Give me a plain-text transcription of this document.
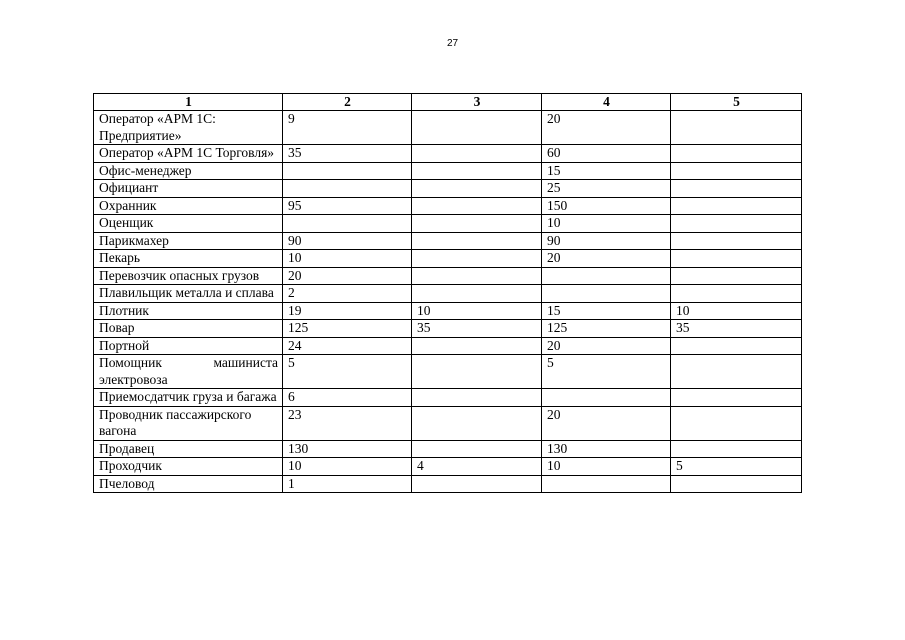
27
1	2	3	4	5
Оператор «АРМ 1С: Предприятие»	9		20	
Оператор «АРМ 1С Торговля»	35		60	
Офис-менеджер			15	
Официант			25	
Охранник	95		150	
Оценщик			10	
Парикмахер	90		90	
Пекарь	10		20	
Перевозчик опасных грузов	20			
Плавильщик металла и сплава	2			
Плотник	19	10	15	10
Повар	125	35	125	35
Портной	24		20	
Помощник машиниста электровоза	5		5	
Приемосдатчик груза и багажа	6			
Проводник пассажирского вагона	23		20	
Продавец	130		130	
Проходчик	10	4	10	5
Пчеловод	1			
